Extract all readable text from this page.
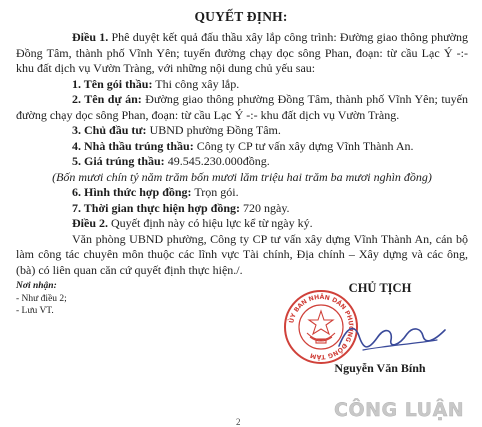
QUYẾT ĐỊNH:

Điều 1. Phê duyệt kết quả đấu thầu xây lắp công trình: Đường giao thông phường Đồng Tâm, thành phố Vĩnh Yên; tuyến đường chạy dọc sông Phan, đoạn: từ cầu Lạc Ý -:- khu đất dịch vụ Vườn Tràng, với những nội dung chủ yếu sau:

1. Tên gói thầu: Thi công xây lắp.

2. Tên dự án: Đường giao thông phường Đồng Tâm, thành phố Vĩnh Yên; tuyến đường chạy dọc sông Phan, đoạn: từ cầu Lạc Ý -:- khu đất dịch vụ Vườn Tràng.

3. Chủ đầu tư: UBND phường Đồng Tâm.

4. Nhà thầu trúng thầu: Công ty CP tư vấn xây dựng Vĩnh Thành An.

5. Giá trúng thầu: 49.545.230.000đồng.

(Bốn mươi chín tỷ năm trăm bốn mươi lăm triệu hai trăm ba mươi nghìn đồng)

6. Hình thức hợp đồng: Trọn gói.

7. Thời gian thực hiện hợp đồng: 720 ngày.

Điều 2. Quyết định này có hiệu lực kể từ ngày ký.

Văn phòng UBND phường, Công ty CP tư vấn xây dựng Vĩnh Thành An, cán bộ làm công tác chuyên môn thuộc các lĩnh vực Tài chính, Địa chính – Xây dựng và các ông, (bà) có liên quan căn cứ quyết định thực hiện./.

Nơi nhận:
- Như điều 2;
- Lưu VT.
CHỦ TỊCH
ỦY BAN NHÂN DÂN PHƯỜNG ĐỒNG TÂM
Nguyễn Văn Bính
CÔNG LUẬN
2
